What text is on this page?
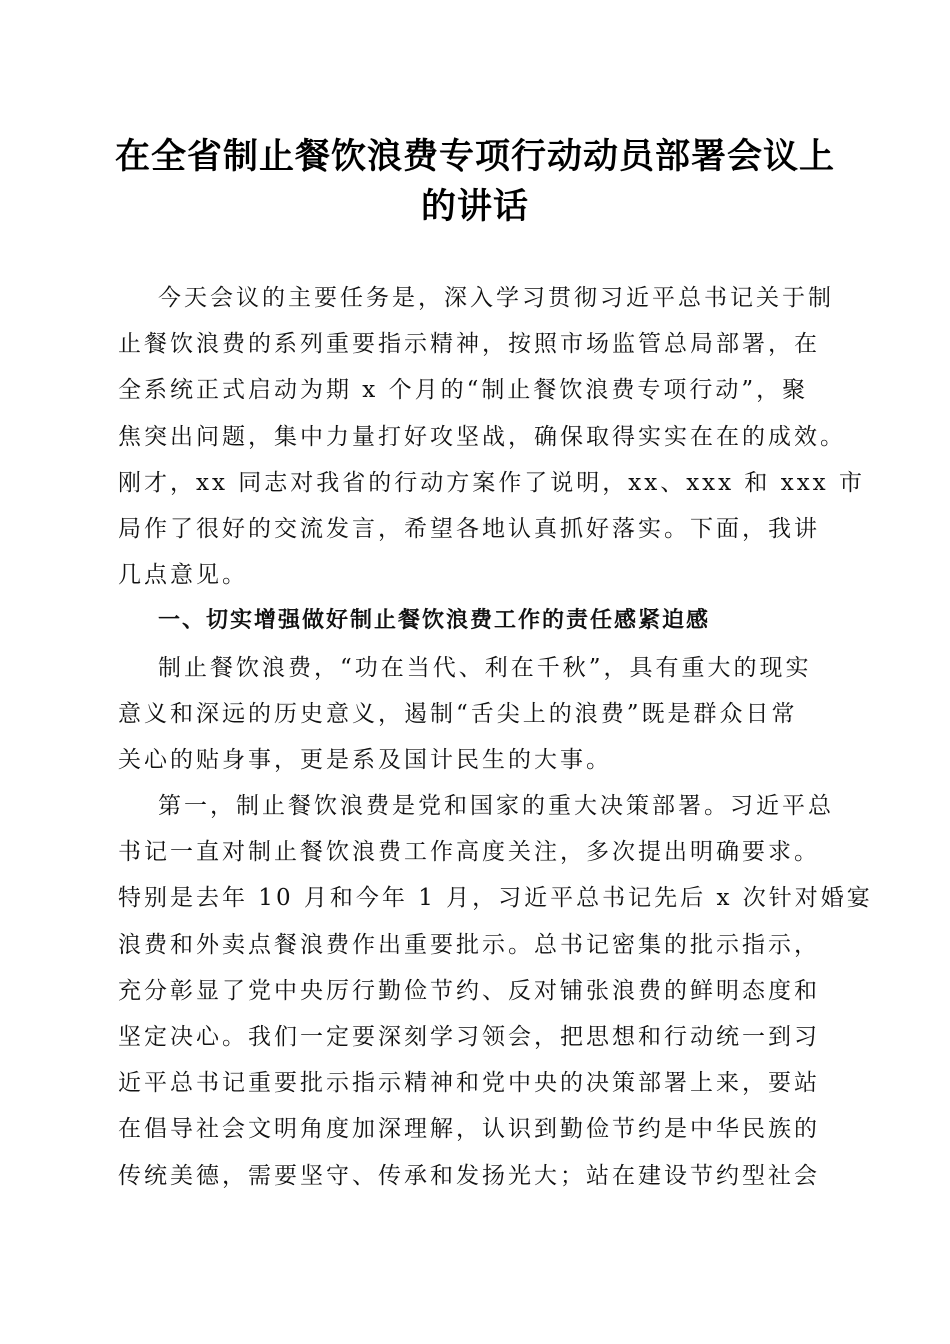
在全省制止餐饮浪费专项行动动员部署会议上
的讲话
今天会议的主要任务是，深入学习贯彻习近平总书记关于制
止餐饮浪费的系列重要指示精神，按照市场监管总局部署，在
全系统正式启动为期 x 个月的“制止餐饮浪费专项行动”，聚
焦突出问题，集中力量打好攻坚战，确保取得实实在在的成效。
刚才，xx 同志对我省的行动方案作了说明，xx、xxx 和 xxx 市
局作了很好的交流发言，希望各地认真抓好落实。下面，我讲
几点意见。
一、切实增强做好制止餐饮浪费工作的责任感紧迫感
制止餐饮浪费，“功在当代、利在千秋”，具有重大的现实
意义和深远的历史意义，遏制“舌尖上的浪费”既是群众日常
关心的贴身事，更是系及国计民生的大事。
第一，制止餐饮浪费是党和国家的重大决策部署。习近平总
书记一直对制止餐饮浪费工作高度关注，多次提出明确要求。
特别是去年 10 月和今年 1 月，习近平总书记先后 x 次针对婚宴
浪费和外卖点餐浪费作出重要批示。总书记密集的批示指示，
充分彰显了党中央厉行勤俭节约、反对铺张浪费的鲜明态度和
坚定决心。我们一定要深刻学习领会，把思想和行动统一到习
近平总书记重要批示指示精神和党中央的决策部署上来，要站
在倡导社会文明角度加深理解，认识到勤俭节约是中华民族的
传统美德，需要坚守、传承和发扬光大；站在建设节约型社会
